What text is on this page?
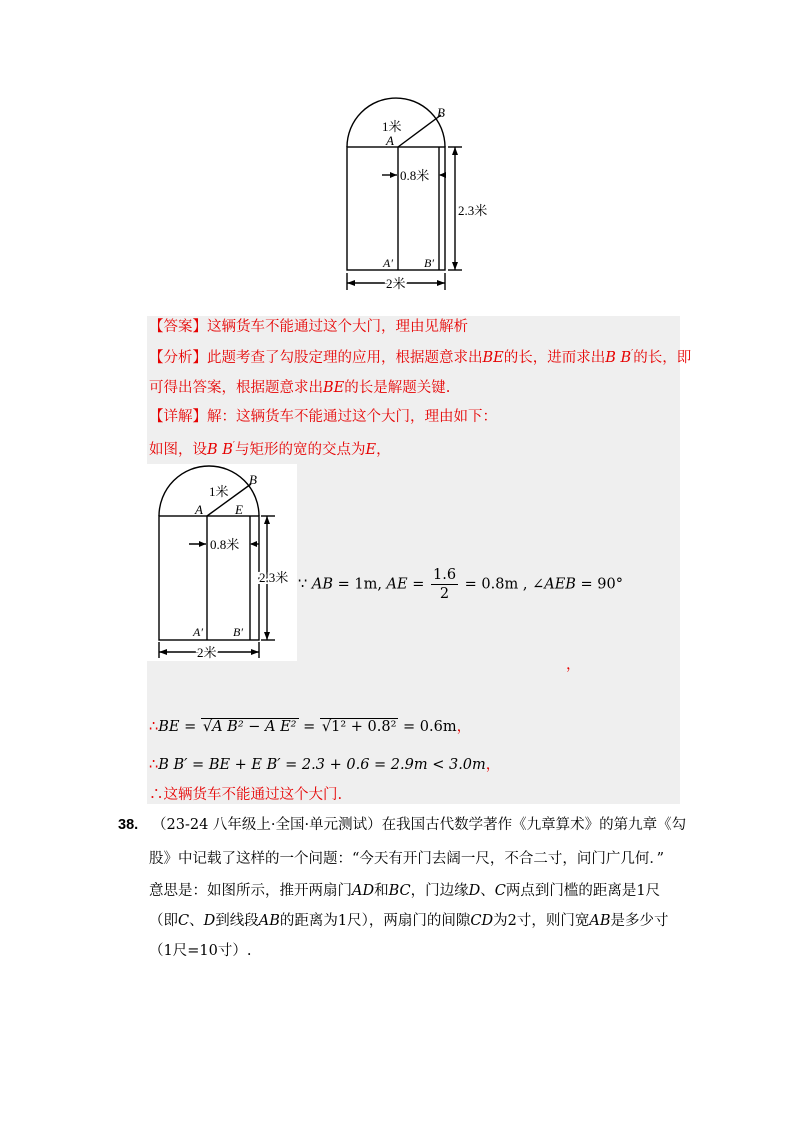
B
A
1米
0.8米
2.3米
A′	B′
2米
【答案】这辆货车不能通过这个大门，理由见解析
【分析】此题考查了勾股定理的应用，根据题意求出BE的长，进而求出B B′的长，即
可得出答案，根据题意求出BE的长是解题关键.
【详解】解：这辆货车不能通过这个大门，理由如下：
如图，设B B′与矩形的宽的交点为E，
B
A E
1米
0.8米
2.3米
A′	B′
2米
∵ AB = 1m, AE = $\frac{1.6}{2} = 0.8m$ , ∠AEB = 90°
，
∴BE = √A B² − A E² = √1² + 0.8² = 0.6m，
∴B B′ = BE + E B′ = 2.3 + 0.6 = 2.9m < 3.0m，
∴这辆货车不能通过这个大门.
38. （23-24 八年级上·全国·单元测试）在我国古代数学著作《九章算术》的第九章《勾
股》中记载了这样的一个问题：“今天有开门去阔一尺，不合二寸，问门广几何．”
意思是：如图所示，推开两扇门AD和BC，门边缘D、C两点到门槛的距离是1尺
（即C、D到线段AB的距离为1尺），两扇门的间隙CD为2寸，则门宽AB是多少寸
（1尺=10寸）.
